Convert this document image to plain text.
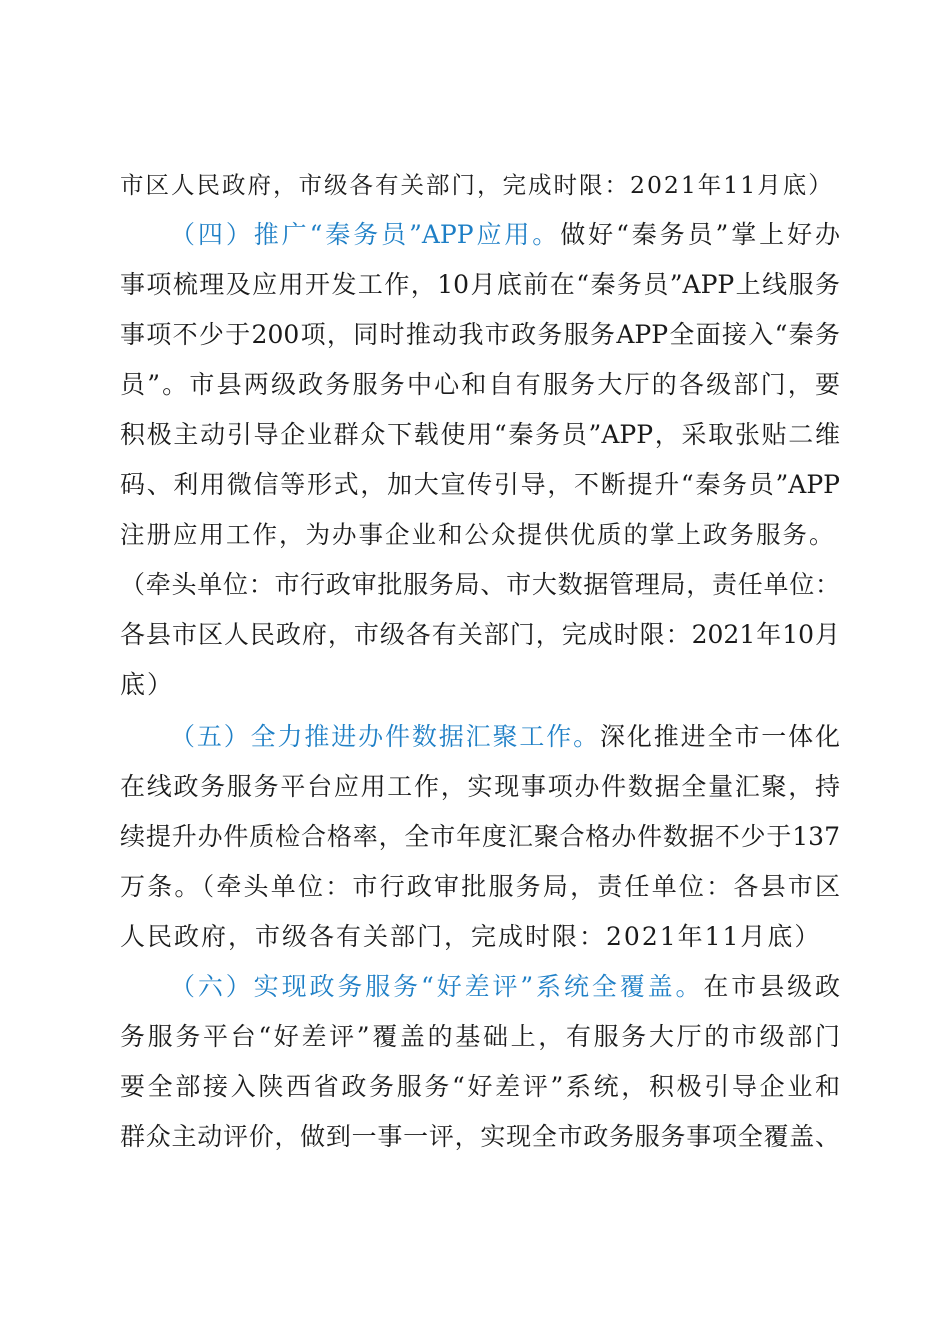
市区人民政府，市级各有关部门，完成时限：2021年11月底）
（四）推广“秦务员”APP应用。做好“秦务员”掌上好办
事项梳理及应用开发工作，10月底前在“秦务员”APP上线服务
事项不少于200项，同时推动我市政务服务APP全面接入“秦务
员”。市县两级政务服务中心和自有服务大厅的各级部门，要
积极主动引导企业群众下载使用“秦务员”APP，采取张贴二维
码、利用微信等形式，加大宣传引导，不断提升“秦务员”APP
注册应用工作，为办事企业和公众提供优质的掌上政务服务。
（牵头单位：市行政审批服务局、市大数据管理局，责任单位：
各县市区人民政府，市级各有关部门，完成时限：2021年10月
底）
（五）全力推进办件数据汇聚工作。深化推进全市一体化
在线政务服务平台应用工作，实现事项办件数据全量汇聚，持
续提升办件质检合格率，全市年度汇聚合格办件数据不少于137
万条。（牵头单位：市行政审批服务局，责任单位：各县市区
人民政府，市级各有关部门，完成时限：2021年11月底）
（六）实现政务服务“好差评”系统全覆盖。在市县级政
务服务平台“好差评”覆盖的基础上，有服务大厅的市级部门
要全部接入陕西省政务服务“好差评”系统，积极引导企业和
群众主动评价，做到一事一评，实现全市政务服务事项全覆盖、
